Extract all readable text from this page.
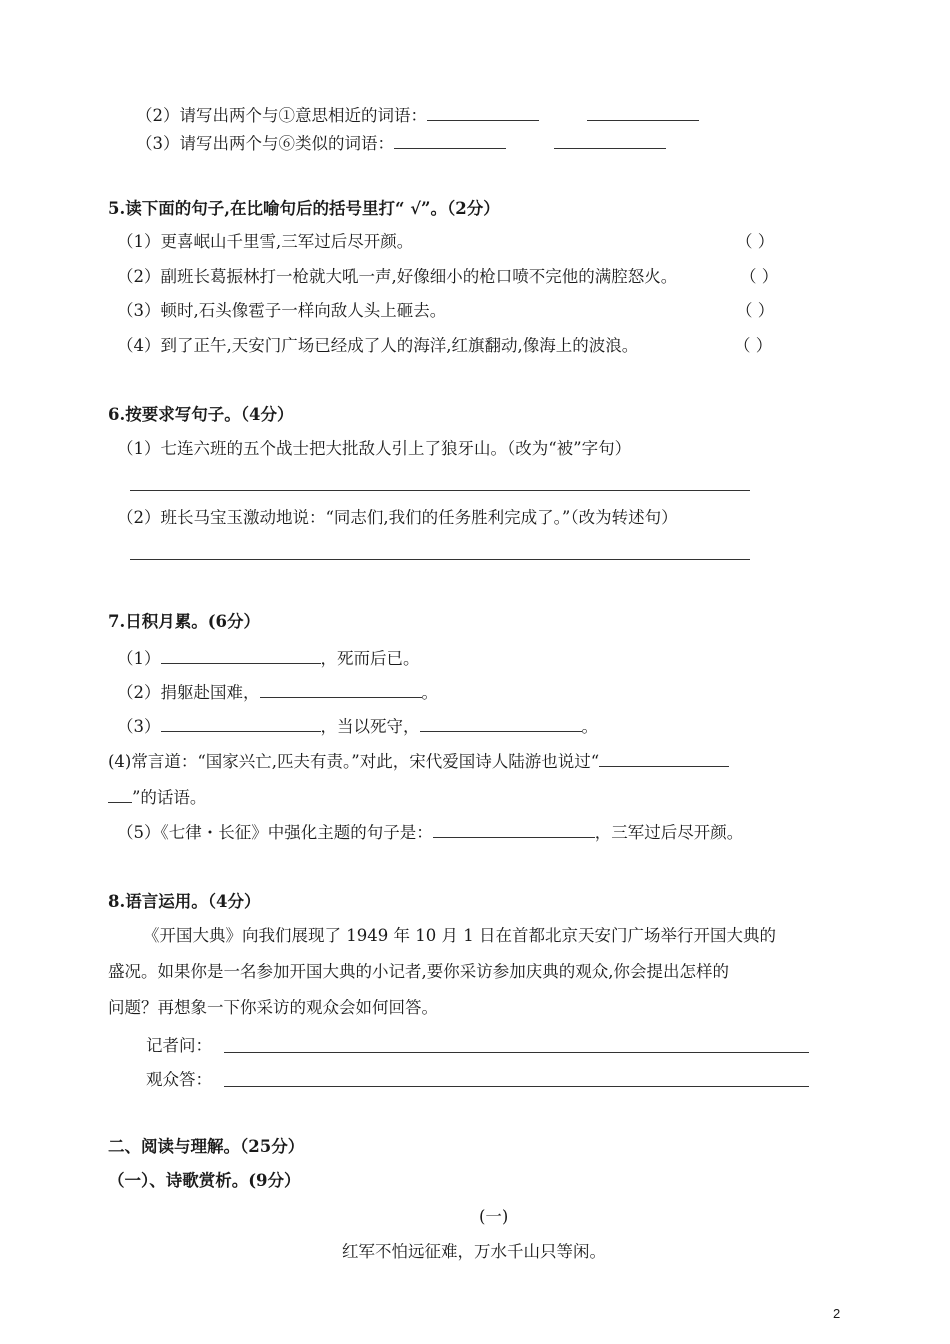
（2）请写出两个与①意思相近的词语：
（3）请写出两个与⑥类似的词语：
5.读下面的句子,在比喻句后的括号里打“ √”。（2分）
（1）更喜岷山千里雪,三军过后尽开颜。	（ ）
（2）副班长葛振林打一枪就大吼一声,好像细小的枪口喷不完他的满腔怒火。	（ ）
（3）顿时,石头像雹子一样向敌人头上砸去。	（ ）
（4）到了正午,天安门广场已经成了人的海洋,红旗翻动,像海上的波浪。	（ ）
6.按要求写句子。（4分）
（1）七连六班的五个战士把大批敌人引上了狼牙山。（改为“被”字句）
（2）班长马宝玉激动地说：“同志们,我们的任务胜利完成了。”（改为转述句）
7.日积月累。(6分）
（1）	，死而后已。
（2）捐躯赴国难，	。
（3）	，当以死守，	。
(4)常言道：“国家兴亡,匹夫有责。”对此，宋代爱国诗人陆游也说过“
”的话语。
（5）《七律・长征》中强化主题的句子是：	，三军过后尽开颜。
8.语言运用。（4分）
《开国大典》向我们展现了 1949 年 10 月 1 日在首都北京天安门广场举行开国大典的
盛况。如果你是一名参加开国大典的小记者,要你采访参加庆典的观众,你会提出怎样的
问题？再想象一下你采访的观众会如何回答。
记者问：
观众答：
二、阅读与理解。（25分）
（一）、诗歌赏析。(9分）
(一)
红军不怕远征难，万水千山只等闲。
2
